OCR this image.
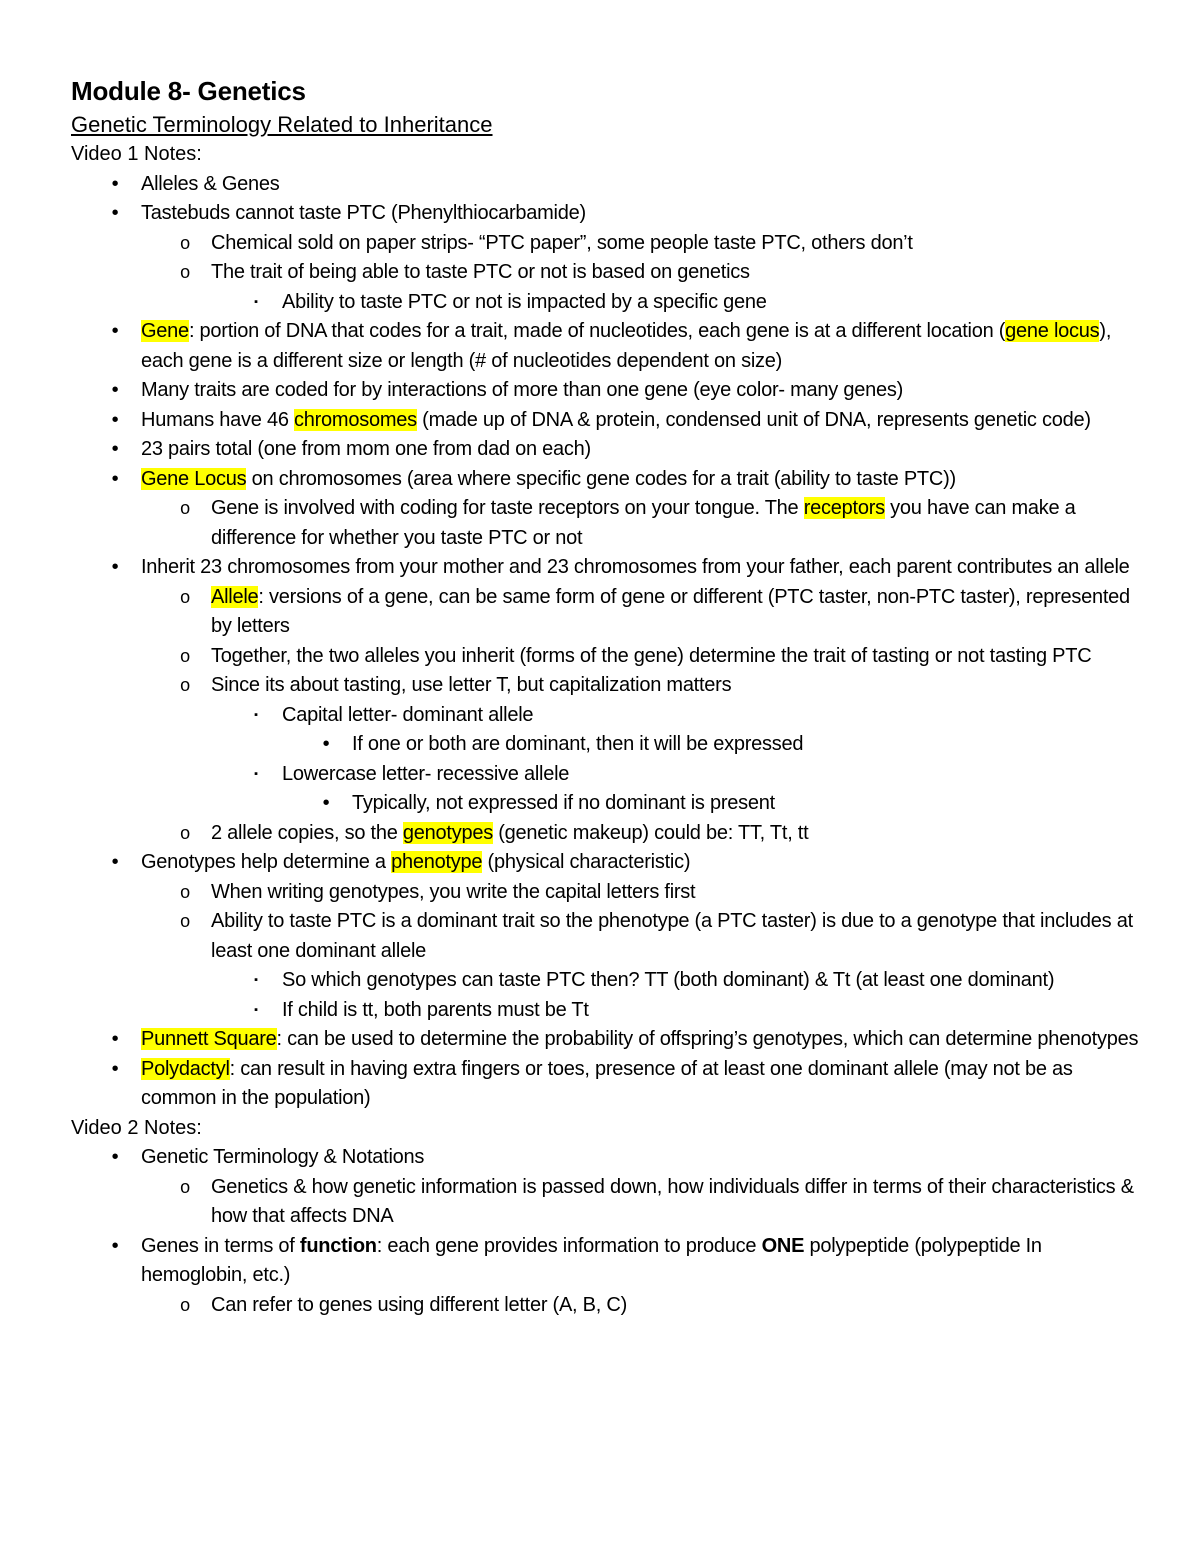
Module 8- Genetics
Genetic Terminology Related to Inheritance
Video 1 Notes:
•	Alleles & Genes
•	Tastebuds cannot taste PTC (Phenylthiocarbamide)
o Chemical sold on paper strips- “PTC paper”, some people taste PTC, others don’t
o The trait of being able to taste PTC or not is based on genetics
▪	Ability to taste PTC or not is impacted by a specific gene
•	Gene: portion of DNA that codes for a trait, made of nucleotides, each gene is at a different location (gene locus), each gene is a different size or length (# of nucleotides dependent on size)
•	Many traits are coded for by interactions of more than one gene (eye color- many genes)
•	Humans have 46 chromosomes (made up of DNA & protein, condensed unit of DNA, represents genetic code)
•	23 pairs total (one from mom one from dad on each)
•	Gene Locus on chromosomes (area where specific gene codes for a trait (ability to taste PTC))
o Gene is involved with coding for taste receptors on your tongue. The receptors you have can make a difference for whether you taste PTC or not
•	Inherit 23 chromosomes from your mother and 23 chromosomes from your father, each parent contributes an allele
o Allele: versions of a gene, can be same form of gene or different (PTC taster, non-PTC taster), represented by letters
o Together, the two alleles you inherit (forms of the gene) determine the trait of tasting or not tasting PTC
o Since its about tasting, use letter T, but capitalization matters
▪	Capital letter- dominant allele
•	If one or both are dominant, then it will be expressed
▪	Lowercase letter- recessive allele
•	Typically, not expressed if no dominant is present
o 2 allele copies, so the genotypes (genetic makeup) could be: TT, Tt, tt
•	Genotypes help determine a phenotype (physical characteristic)
o When writing genotypes, you write the capital letters first
o Ability to taste PTC is a dominant trait so the phenotype (a PTC taster) is due to a genotype that includes at least one dominant allele
▪	So which genotypes can taste PTC then? TT (both dominant) & Tt (at least one dominant)
▪	If child is tt, both parents must be Tt
•	Punnett Square: can be used to determine the probability of offspring’s genotypes, which can determine phenotypes
•	Polydactyl: can result in having extra fingers or toes, presence of at least one dominant allele (may not be as common in the population)
Video 2 Notes:
•	Genetic Terminology & Notations
o Genetics & how genetic information is passed down, how individuals differ in terms of their characteristics & how that affects DNA
•	Genes in terms of function: each gene provides information to produce ONE polypeptide (polypeptide In hemoglobin, etc.)
o Can refer to genes using different letter (A, B, C)
